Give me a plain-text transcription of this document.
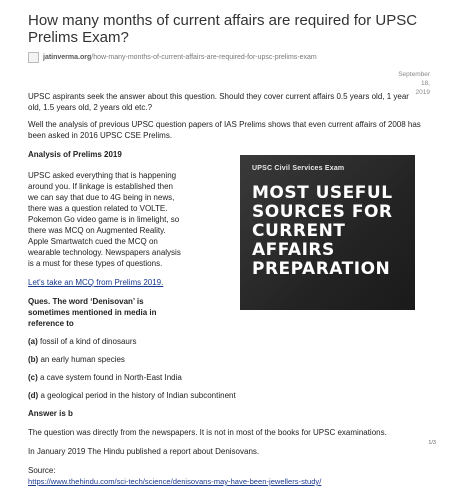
How many months of current affairs are required for UPSC Prelims Exam?
jatinverma.org /how-many-months-of-current-affairs-are-required-for-upsc-prelims-exam

UPSC aspirants seek the answer about this question. Should they cover current affairs 0.5 years old, 1 year old, 1.5 years old, 2 years old etc.?

Well the analysis of previous UPSC question papers of IAS Prelims shows that even current affairs of 2008 has been asked in 2016 UPSC CSE Prelims.

Analysis of Prelims 2019

UPSC asked everything that is happening

around you. If linkage is established then

we can say that due to 4G being in news,

there was a question related to VOLTE.

Pokemon Go video game is in limelight, so

there was MCQ on Augmented Reality.

Apple Smartwatch cued the MCQ on

wearable technology. Newspapers analysis

is a must for these types of questions.

Let's take an MCQ from Prelims 2019.

Ques. The word ‘Denisovan’ is

sometimes mentioned in media in

reference to

UPSC Civil Services Exam
MOST USEFUL
SOURCES FOR
CURRENT
AFFAIRS
PREPARATION

(a) fossil of a kind of dinosaurs

(b) an early human species

(c) a cave system found in North-East India

(d) a geological period in the history of Indian subcontinent

Answer is b

The question was directly from the newspapers. It is not in most of the books for UPSC examinations.

In January 2019 The Hindu published a report about Denisovans.

Source:

https://www.thehindu.com/sci-tech/science/denisovans-may-have-been-jewellers-study/

September 18,
2019
1/3
